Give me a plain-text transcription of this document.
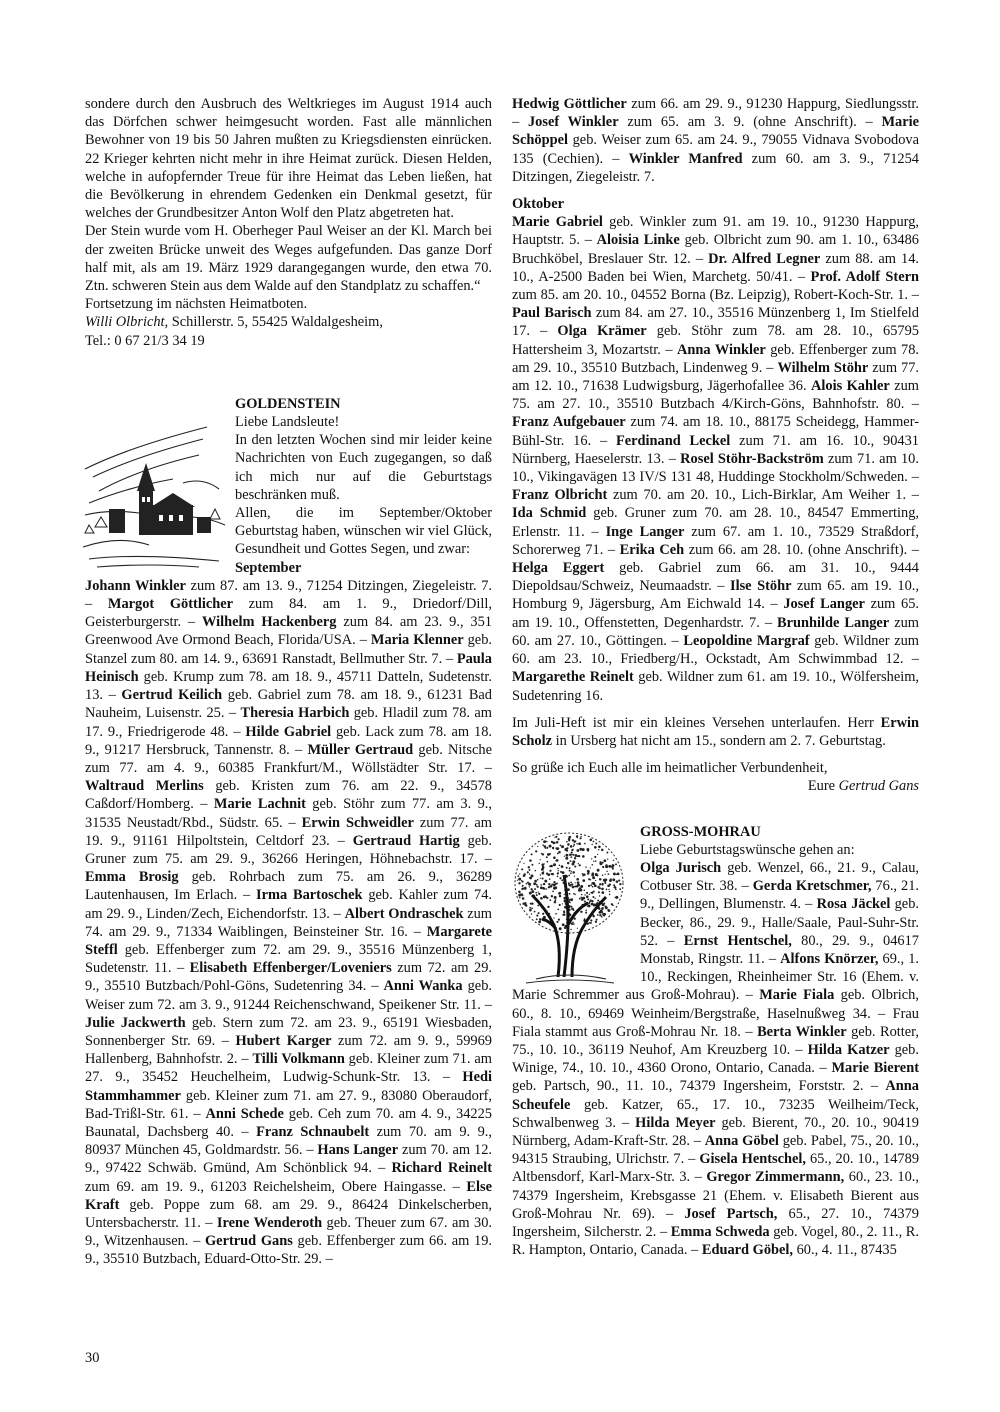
sondere durch den Ausbruch des Weltkrieges im August 1914 auch das Dörfchen schwer heimgesucht worden. Fast alle männlichen Bewohner von 19 bis 50 Jahren mußten zu Kriegsdiensten einrücken. 22 Krieger kehrten nicht mehr in ihre Heimat zurück. Diesen Helden, welche in aufopfernder Treue für ihre Heimat das Leben ließen, hat die Bevölkerung in ehrendem Gedenken ein Denkmal gesetzt, für welches der Grundbesitzer Anton Wolf den Platz abgetreten hat.

Der Stein wurde vom H. Oberheger Paul Weiser an der Kl. March bei der zweiten Brücke unweit des Weges aufgefunden. Das ganze Dorf half mit, als am 19. März 1929 darangegangen wurde, den etwa 70. Ztn. schweren Stein aus dem Walde auf den Standplatz zu schaffen.“

Fortsetzung im nächsten Heimatboten.

Willi Olbricht, Schillerstr. 5, 55425 Waldalgesheim,

Tel.: 0 67 21/3 34 19

GOLDENSTEIN

Liebe Landsleute!

In den letzten Wochen sind mir leider keine Nachrichten von Euch zugegangen, so daß ich mich nur auf die Geburtstags beschränken muß.

Allen, die im September/Oktober Geburtstag haben, wünschen wir viel Glück, Gesundheit und Gottes Segen, und zwar:

September

Johann Winkler zum 87. am 13. 9., 71254 Ditzingen, Ziegeleistr. 7. – Margot Göttlicher zum 84. am 1. 9., Driedorf/Dill, Geisterburgerstr. – Wilhelm Hackenberg zum 84. am 23. 9., 351 Greenwood Ave Ormond Beach, Florida/USA. – Maria Klenner geb. Stanzel zum 80. am 14. 9., 63691 Ranstadt, Bellmuther Str. 7. – Paula Heinisch geb. Krump zum 78. am 18. 9., 45711 Datteln, Sudetenstr. 13. – Gertrud Keilich geb. Gabriel zum 78. am 18. 9., 61231 Bad Nauheim, Luisenstr. 25. – Theresia Harbich geb. Hladil zum 78. am 17. 9., Friedrigerode 48. – Hilde Gabriel geb. Lack zum 78. am 18. 9., 91217 Hersbruck, Tannenstr. 8. – Müller Gertraud geb. Nitsche zum 77. am 4. 9., 60385 Frankfurt/M., Wöllstädter Str. 17. – Waltraud Merlins geb. Kristen zum 76. am 22. 9., 34578 Caßdorf/Homberg. – Marie Lachnit geb. Stöhr zum 77. am 3. 9., 31535 Neustadt/Rbd., Südstr. 65. – Erwin Schweidler zum 77. am 19. 9., 91161 Hilpoltstein, Celtdorf 23. – Gertraud Hartig geb. Gruner zum 75. am 29. 9., 36266 Heringen, Höhnebachstr. 17. – Emma Brosig geb. Rohrbach zum 75. am 26. 9., 36289 Lautenhausen, Im Erlach. – Irma Bartoschek geb. Kahler zum 74. am 29. 9., Linden/Zech, Eichendorfstr. 13. – Albert Ondraschek zum 74. am 29. 9., 71334 Waiblingen, Beinsteiner Str. 16. – Margarete Steffl geb. Effenberger zum 72. am 29. 9., 35516 Münzenberg 1, Sudetenstr. 11. – Elisabeth Effenberger/Loveniers zum 72. am 29. 9., 35510 Butzbach/Pohl-Göns, Sudetenring 34. – Anni Wanka geb. Weiser zum 72. am 3. 9., 91244 Reichenschwand, Speikener Str. 11. – Julie Jackwerth geb. Stern zum 72. am 23. 9., 65191 Wiesbaden, Sonnenberger Str. 69. – Hubert Karger zum 72. am 9. 9., 59969 Hallenberg, Bahnhofstr. 2. – Tilli Volkmann geb. Kleiner zum 71. am 27. 9., 35452 Heuchelheim, Ludwig-Schunk-Str. 13. – Hedi Stammhammer geb. Kleiner zum 71. am 27. 9., 83080 Oberaudorf, Bad-Trißl-Str. 61. – Anni Schede geb. Ceh zum 70. am 4. 9., 34225 Baunatal, Dachsberg 40. – Franz Schnaubelt zum 70. am 9. 9., 80937 München 45, Goldmardstr. 56. – Hans Langer zum 70. am 12. 9., 97422 Schwäb. Gmünd, Am Schönblick 94. – Richard Reinelt zum 69. am 19. 9., 61203 Reichelsheim, Obere Haingasse. – Else Kraft geb. Poppe zum 68. am 29. 9., 86424 Dinkelscherben, Untersbacherstr. 11. – Irene Wenderoth geb. Theuer zum 67. am 30. 9., Witzenhausen. – Gertrud Gans geb. Effenberger zum 66. am 19. 9., 35510 Butzbach, Eduard-Otto-Str. 29. –

Hedwig Göttlicher zum 66. am 29. 9., 91230 Happurg, Siedlungsstr. – Josef Winkler zum 65. am 3. 9. (ohne Anschrift). – Marie Schöppel geb. Weiser zum 65. am 24. 9., 79055 Vidnava Svobodova 135 (Cechien). – Winkler Manfred zum 60. am 3. 9., 71254 Ditzingen, Ziegeleistr. 7.

Oktober

Marie Gabriel geb. Winkler zum 91. am 19. 10., 91230 Happurg, Hauptstr. 5. – Aloisia Linke geb. Olbricht zum 90. am 1. 10., 63486 Bruchköbel, Breslauer Str. 12. – Dr. Alfred Legner zum 88. am 14. 10., A-2500 Baden bei Wien, Marchetg. 50/41. – Prof. Adolf Stern zum 85. am 20. 10., 04552 Borna (Bz. Leipzig), Robert-Koch-Str. 1. – Paul Barisch zum 84. am 27. 10., 35516 Münzenberg 1, Im Stielfeld 17. – Olga Krämer geb. Stöhr zum 78. am 28. 10., 65795 Hattersheim 3, Mozartstr. – Anna Winkler geb. Effenberger zum 78. am 29. 10., 35510 Butzbach, Lindenweg 9. – Wilhelm Stöhr zum 77. am 12. 10., 71638 Ludwigsburg, Jägerhofallee 36. Alois Kahler zum 75. am 27. 10., 35510 Butzbach 4/Kirch-Göns, Bahnhofstr. 80. – Franz Aufgebauer zum 74. am 18. 10., 88175 Scheidegg, Hammer-Bühl-Str. 16. – Ferdinand Leckel zum 71. am 16. 10., 90431 Nürnberg, Haeselerstr. 13. – Rosel Stöhr-Backström zum 71. am 10. 10., Vikingavägen 13 IV/S 131 48, Huddinge Stockholm/Schweden. – Franz Olbricht zum 70. am 20. 10., Lich-Birklar, Am Weiher 1. – Ida Schmid geb. Gruner zum 70. am 28. 10., 84547 Emmerting, Erlenstr. 11. – Inge Langer zum 67. am 1. 10., 73529 Straßdorf, Schorerweg 71. – Erika Ceh zum 66. am 28. 10. (ohne Anschrift). – Helga Eggert geb. Gabriel zum 66. am 31. 10., 9444 Diepoldsau/Schweiz, Neumaadstr. – Ilse Stöhr zum 65. am 19. 10., Homburg 9, Jägersburg, Am Eichwald 14. – Josef Langer zum 65. am 19. 10., Offenstetten, Degenhardstr. 7. – Brunhilde Langer zum 60. am 27. 10., Göttingen. – Leopoldine Margraf geb. Wildner zum 60. am 23. 10., Friedberg/H., Ockstadt, Am Schwimmbad 12. – Margarethe Reinelt geb. Wildner zum 61. am 19. 10., Wölfersheim, Sudetenring 16.

Im Juli-Heft ist mir ein kleines Versehen unterlaufen. Herr Erwin Scholz in Ursberg hat nicht am 15., sondern am 2. 7. Geburtstag.

So grüße ich Euch alle im heimatlicher Verbundenheit,

Eure Gertrud Gans

GROSS-MOHRAU

Liebe Geburtstagswünsche gehen an:

Olga Jurisch geb. Wenzel, 66., 21. 9., Calau, Cotbuser Str. 38. – Gerda Kretschmer, 76., 21. 9., Dellingen, Blumenstr. 4. – Rosa Jäckel geb. Becker, 86., 29. 9., Halle/Saale, Paul-Suhr-Str. 52. – Ernst Hentschel, 80., 29. 9., 04617 Monstab, Ringstr. 11. – Alfons Knörzer, 69., 1. 10., Reckingen, Rheinheimer Str. 16 (Ehem. v. Marie Schremmer aus Groß-Mohrau). – Marie Fiala geb. Olbrich, 60., 8. 10., 69469 Weinheim/Bergstraße, Haselnußweg 34. – Frau Fiala stammt aus Groß-Mohrau Nr. 18. – Berta Winkler geb. Rotter, 75., 10. 10., 36119 Neuhof, Am Kreuzberg 10. – Hilda Katzer geb. Winige, 74., 10. 10., 4360 Orono, Ontario, Canada. – Marie Bierent geb. Partsch, 90., 11. 10., 74379 Ingersheim, Forststr. 2. – Anna Scheufele geb. Katzer, 65., 17. 10., 73235 Weilheim/Teck, Schwalbenweg 3. – Hilda Meyer geb. Bierent, 70., 20. 10., 90419 Nürnberg, Adam-Kraft-Str. 28. – Anna Göbel geb. Pabel, 75., 20. 10., 94315 Straubing, Ulrichstr. 7. – Gisela Hentschel, 65., 20. 10., 14789 Altbensdorf, Karl-Marx-Str. 3. – Gregor Zimmermann, 60., 23. 10., 74379 Ingersheim, Krebsgasse 21 (Ehem. v. Elisabeth Bierent aus Groß-Mohrau Nr. 69). – Josef Partsch, 65., 27. 10., 74379 Ingersheim, Silcherstr. 2. – Emma Schweda geb. Vogel, 80., 2. 11., R. R. Hampton, Ontario, Canada. – Eduard Göbel, 60., 4. 11., 87435

30
